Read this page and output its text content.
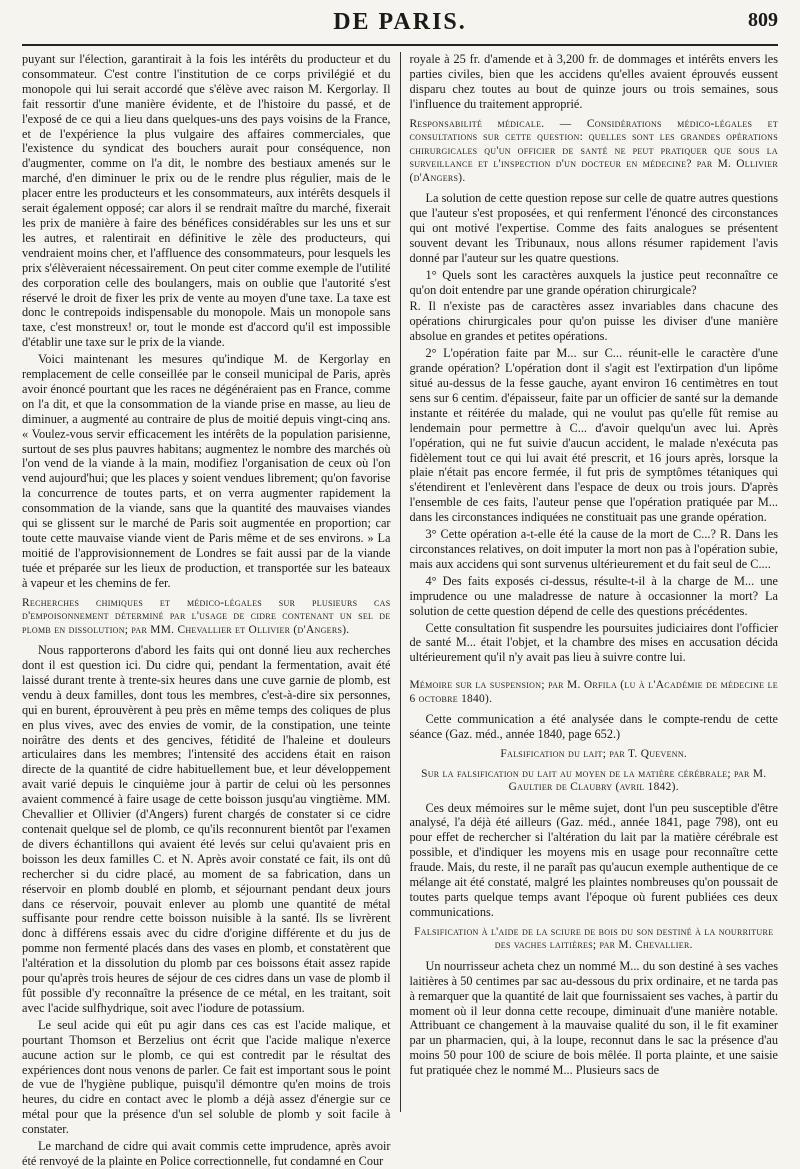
DE PARIS.	809

puyant sur l'élection, garantirait à la fois les intérêts du producteur et du consommateur. C'est contre l'institution de ce corps privilégié et du monopole qui lui serait accordé que s'élève avec raison M. Kergorlay. Il fait ressortir d'une manière évidente, et de l'histoire du passé, et de l'exposé de ce qui a lieu dans quelques-uns des pays voisins de la France, et de l'expérience la plus vulgaire des affaires commerciales, que l'existence du syndicat des bouchers aurait pour conséquence, non d'augmenter, comme on l'a dit, le nombre des bestiaux amenés sur le marché, d'en diminuer le prix ou de le rendre plus régulier, mais de le placer entre les producteurs et les consommateurs, aux intérêts desquels il serait également opposé; car alors il se rendrait maître du marché, fixerait les prix de manière à faire des bénéfices considérables sur les uns et sur les autres, et ralentirait en définitive le zèle des producteurs, qui vendraient moins cher, et l'affluence des consommateurs, pour lesquels les prix s'élèveraient nécessairement. On peut citer comme exemple de l'utilité des corporation celle des boulangers, mais on oublie que l'autorité s'est réservé le droit de fixer les prix de vente au moyen d'une taxe. La taxe est donc le contrepoids indispensable du monopole. Mais un monopole sans taxe, c'est monstreux! or, tout le monde est d'accord qu'il est impossible d'établir une taxe sur le prix de la viande.

Voici maintenant les mesures qu'indique M. de Kergorlay en remplacement de celle conseillée par le conseil municipal de Paris, après avoir énoncé pourtant que les races ne dégénéraient pas en France, comme on l'a dit, et que la consommation de la viande prise en masse, au lieu de diminuer, a augmenté au contraire de plus de moitié depuis vingt-cinq ans. « Voulez-vous servir efficacement les intérêts de la population parisienne, surtout de ses plus pauvres habitans; augmentez le nombre des marchés où l'on vend de la viande à la main, modifiez l'organisation de ceux où l'on vend aujourd'hui; que les places y soient vendues librement; qu'on favorise la concurrence de toutes parts, et on verra augmenter rapidement la consommation de la viande, sans que la quantité des mauvaises viandes qui se glissent sur le marché de Paris soit augmentée en proportion; car toute cette mauvaise viande vient de Paris même et de ses environs. » La moitié de l'approvisionnement de Londres se fait aussi par de la viande tuée et préparée sur les lieux de production, et transportée sur les bateaux à vapeur et les chemins de fer.

Recherches chimiques et médico-légales sur plusieurs cas d'empoisonnement déterminé par l'usage de cidre contenant un sel de plomb en dissolution; par MM. Chevallier et Ollivier (d'Angers).

Nous rapporterons d'abord les faits qui ont donné lieu aux recherches dont il est question ici. Du cidre qui, pendant la fermentation, avait été laissé durant trente à trente-six heures dans une cuve garnie de plomb, est vendu à deux familles, dont tous les membres, c'est-à-dire six personnes, qui en burent, éprouvèrent à peu près en même temps des coliques de plus en plus vives, avec des envies de vomir, de la constipation, une teinte noirâtre des dents et des gencives, fétidité de l'haleine et douleurs articulaires dans les membres; l'intensité des accidens était en raison directe de la quantité de cidre habituellement bue, et leur développement avait varié depuis le cinquième jour à partir de celui où les personnes avaient commencé à faire usage de cette boisson jusqu'au vingtième. MM. Chevallier et Ollivier (d'Angers) furent chargés de constater si ce cidre contenait quelque sel de plomb, ce qu'ils reconnurent bientôt par l'examen de divers échantillons qui avaient été levés sur celui qu'avaient pris en boisson les deux familles C. et N. Après avoir constaté ce fait, ils ont dû rechercher si du cidre placé, au moment de sa fabrication, dans un réservoir en plomb doublé en plomb, et séjournant pendant deux jours dans ce réservoir, pouvait enlever au plomb une quantité de métal suffisante pour rendre cette boisson nuisible à la santé. Ils se livrèrent donc à différens essais avec du cidre d'origine différente et du jus de pomme non fermenté placés dans des vases en plomb, et constatèrent que l'altération et la dissolution du plomb par ces boissons était assez rapide pour qu'après trois heures de séjour de ces cidres dans un vase de plomb il fût possible d'y reconnaître la présence de ce métal, en les traitant, soit avec l'acide sulfhydrique, soit avec l'iodure de potassium.

Le seul acide qui eût pu agir dans ces cas est l'acide malique, et pourtant Thomson et Berzelius ont écrit que l'acide malique n'exerce aucune action sur le plomb, ce qui est contredit par le résultat des expériences dont nous venons de parler. Ce fait est important sous le point de vue de l'hygiène publique, puisqu'il démontre qu'en moins de trois heures, du cidre en contact avec le plomb a déjà assez d'énergie sur ce métal pour que la présence d'un sel soluble de plomb y soit facile à constater.

Le marchand de cidre qui avait commis cette imprudence, après avoir été renvoyé de la plainte en Police correctionnelle, fut condamné en Cour

royale à 25 fr. d'amende et à 3,200 fr. de dommages et intérêts envers les parties civiles, bien que les accidens qu'elles avaient éprouvés eussent disparu chez toutes au bout de quinze jours ou trois semaines, sous l'influence du traitement approprié.

Responsabilité médicale. — Considérations médico-légales et consultations sur cette question: quelles sont les grandes opérations chirurgicales qu'un officier de santé ne peut pratiquer que sous la surveillance et l'inspection d'un docteur en médecine? par M. Ollivier (d'Angers).

La solution de cette question repose sur celle de quatre autres questions que l'auteur s'est proposées, et qui renferment l'énoncé des circonstances qui ont motivé l'expertise. Comme des faits analogues se présentent souvent devant les Tribunaux, nous allons résumer rapidement l'avis donné par l'auteur sur les quatre questions.

1° Quels sont les caractères auxquels la justice peut reconnaître ce qu'on doit entendre par une grande opération chirurgicale?

R. Il n'existe pas de caractères assez invariables dans chacune des opérations chirurgicales pour qu'on puisse les diviser d'une manière absolue en grandes et petites opérations.

2° L'opération faite par M... sur C... réunit-elle le caractère d'une grande opération? L'opération dont il s'agit est l'extirpation d'un lipôme situé au-dessus de la fesse gauche, ayant environ 16 centimètres en tout sens sur 6 centim. d'épaisseur, faite par un officier de santé sur la demande instante et réitérée du malade, qui ne voulut pas qu'elle fût remise au lendemain pour permettre à C... d'avoir quelqu'un avec lui. Après l'opération, qui ne fut suivie d'aucun accident, le malade n'exécuta pas fidèlement tout ce qui lui avait été prescrit, et 16 jours après, lorsque la plaie n'était pas encore fermée, il fut pris de symptômes tétaniques qui s'étendirent et l'enlevèrent dans l'espace de deux ou trois jours. D'après l'ensemble de ces faits, l'auteur pense que l'opération pratiquée par M... dans les circonstances indiquées ne constituait pas une grande opération.

3° Cette opération a-t-elle été la cause de la mort de C...? R. Dans les circonstances relatives, on doit imputer la mort non pas à l'opération subie, mais aux accidens qui sont survenus ultérieurement et du fait seul de C....

4° Des faits exposés ci-dessus, résulte-t-il à la charge de M... une imprudence ou une maladresse de nature à occasionner la mort? La solution de cette question dépend de celle des questions précédentes.

Cette consultation fit suspendre les poursuites judiciaires dont l'officier de santé M... était l'objet, et la chambre des mises en accusation décida ultérieurement qu'il n'y avait pas lieu à suivre contre lui.

Mémoire sur la suspension; par M. Orfila (lu à l'Académie de médecine le 6 octobre 1840).

Cette communication a été analysée dans le compte-rendu de cette séance (Gaz. méd., année 1840, page 652.)

Falsification du lait; par T. Quevenn.
Sur la falsification du lait au moyen de la matière cérébrale; par M. Gaultier de Claubry (avril 1842).

Ces deux mémoires sur le même sujet, dont l'un peu susceptible d'être analysé, l'a déjà été ailleurs (Gaz. méd., année 1841, page 798), ont eu pour effet de rechercher si l'altération du lait par la matière cérébrale est possible, et d'indiquer les moyens mis en usage pour reconnaître cette fraude. Mais, du reste, il ne paraît pas qu'aucun exemple authentique de ce mélange ait été constaté, malgré les plaintes nombreuses qu'on poussait de toutes parts quelque temps avant l'époque où furent publiées ces deux communications.

Falsification à l'aide de la sciure de bois du son destiné à la nourriture des vaches laitières; par M. Chevallier.

Un nourrisseur acheta chez un nommé M... du son destiné à ses vaches laitières à 50 centimes par sac au-dessous du prix ordinaire, et ne tarda pas à remarquer que la quantité de lait que fournissaient ses vaches, à partir du moment où il leur donna cette recoupe, diminuait d'une manière notable. Attribuant ce changement à la mauvaise qualité du son, il le fit examiner par un pharmacien, qui, à la loupe, reconnut dans le sac la présence d'au moins 50 pour 100 de sciure de bois mêlée. Il porta plainte, et une saisie fut pratiquée chez le nommé M... Plusieurs sacs de
